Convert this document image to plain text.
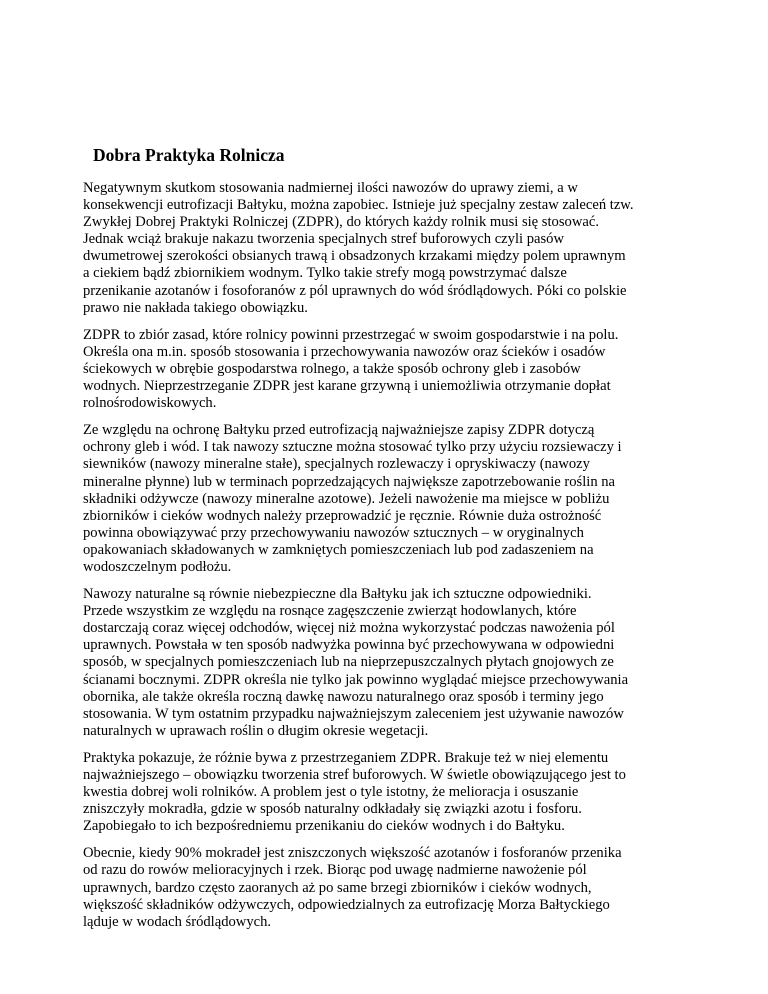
Dobra Praktyka Rolnicza

Negatywnym skutkom stosowania nadmiernej ilości nawozów do uprawy ziemi, a w
konsekwencji eutrofizacji Bałtyku, można zapobiec. Istnieje już specjalny zestaw zaleceń tzw.
Zwykłej Dobrej Praktyki Rolniczej (ZDPR), do których każdy rolnik musi się stosować.
Jednak wciąż brakuje nakazu tworzenia specjalnych stref buforowych czyli pasów
dwumetrowej szerokości obsianych trawą i obsadzonych krzakami między polem uprawnym
a ciekiem bądź zbiornikiem wodnym. Tylko takie strefy mogą powstrzymać dalsze
przenikanie azotanów i fosoforanów z pól uprawnych do wód śródlądowych. Póki co polskie
prawo nie nakłada takiego obowiązku.

ZDPR to zbiór zasad, które rolnicy powinni przestrzegać w swoim gospodarstwie i na polu.
Określa ona m.in. sposób stosowania i przechowywania nawozów oraz ścieków i osadów
ściekowych w obrębie gospodarstwa rolnego, a także sposób ochrony gleb i zasobów
wodnych. Nieprzestrzeganie ZDPR jest karane grzywną i uniemożliwia otrzymanie dopłat
rolnośrodowiskowych.

Ze względu na ochronę Bałtyku przed eutrofizacją najważniejsze zapisy ZDPR dotyczą
ochrony gleb i wód. I tak nawozy sztuczne można stosować tylko przy użyciu rozsiewaczy i
siewników (nawozy mineralne stałe), specjalnych rozlewaczy i opryskiwaczy (nawozy
mineralne płynne) lub w terminach poprzedzających największe zapotrzebowanie roślin na
składniki odżywcze (nawozy mineralne azotowe). Jeżeli nawożenie ma miejsce w pobliżu
zbiorników i cieków wodnych należy przeprowadzić je ręcznie. Równie duża ostrożność
powinna obowiązywać przy przechowywaniu nawozów sztucznych – w oryginalnych
opakowaniach składowanych w zamkniętych pomieszczeniach lub pod zadaszeniem na
wodoszczelnym podłożu.

Nawozy naturalne są równie niebezpieczne dla Bałtyku jak ich sztuczne odpowiedniki.
Przede wszystkim ze względu na rosnące zagęszczenie zwierząt hodowlanych, które
dostarczają coraz więcej odchodów, więcej niż można wykorzystać podczas nawożenia pól
uprawnych. Powstała w ten sposób nadwyżka powinna być przechowywana w odpowiedni
sposób, w specjalnych pomieszczeniach lub na nieprzepuszczalnych płytach gnojowych ze
ścianami bocznymi. ZDPR określa nie tylko jak powinno wyglądać miejsce przechowywania
obornika, ale także określa roczną dawkę nawozu naturalnego oraz sposób i terminy jego
stosowania. W tym ostatnim przypadku najważniejszym zaleceniem jest używanie nawozów
naturalnych w uprawach roślin o długim okresie wegetacji.

Praktyka pokazuje, że różnie bywa z przestrzeganiem ZDPR. Brakuje też w niej elementu
najważniejszego – obowiązku tworzenia stref buforowych. W świetle obowiązującego jest to
kwestia dobrej woli rolników. A problem jest o tyle istotny, że melioracja i osuszanie
zniszczyły mokradła, gdzie w sposób naturalny odkładały się związki azotu i fosforu.
Zapobiegało to ich bezpośredniemu przenikaniu do cieków wodnych i do Bałtyku.

Obecnie, kiedy 90% mokradeł jest zniszczonych większość azotanów i fosforanów przenika
od razu do rowów melioracyjnych i rzek. Biorąc pod uwagę nadmierne nawożenie pól
uprawnych, bardzo często zaoranych aż po same brzegi zbiorników i cieków wodnych,
większość składników odżywczych, odpowiedzialnych za eutrofizację Morza Bałtyckiego
ląduje w wodach śródlądowych.
